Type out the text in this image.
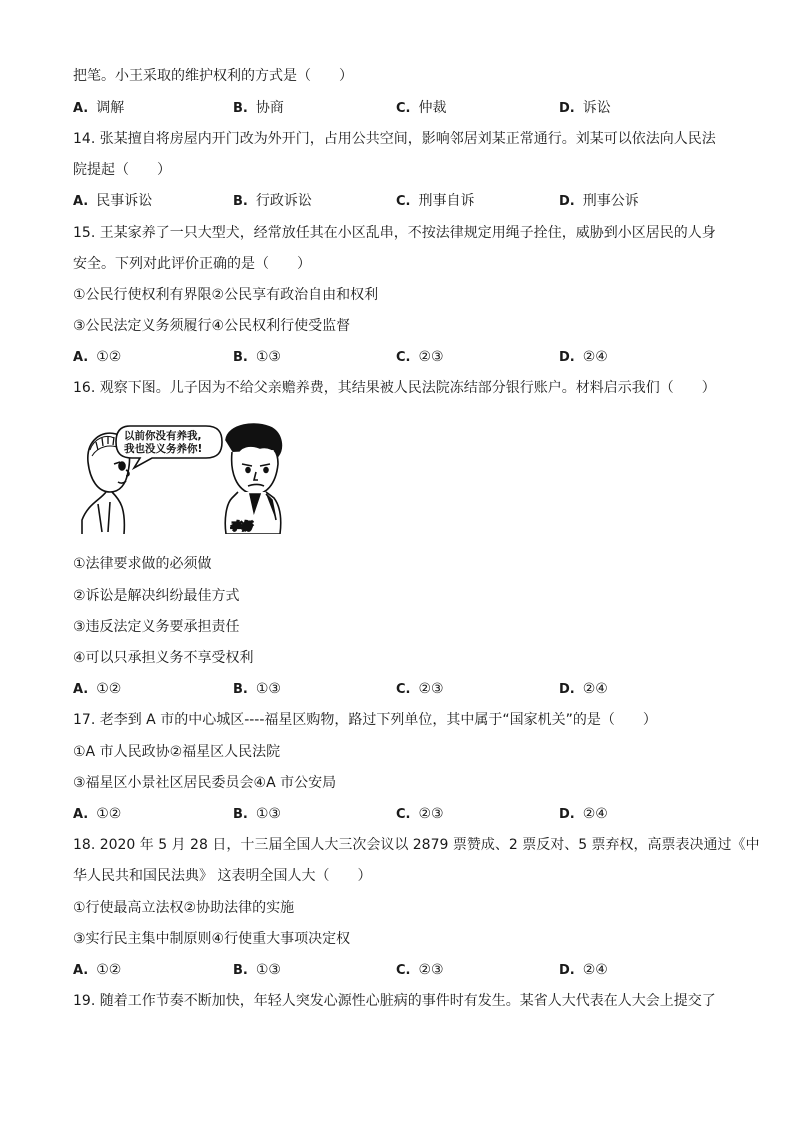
把笔。小王采取的维护权利的方式是（　　）
A. 调解	B. 协商	C. 仲裁	D. 诉讼
14. 张某擅自将房屋内开门改为外开门，占用公共空间，影响邻居刘某正常通行。刘某可以依法向人民法
院提起（　　）
A. 民事诉讼	B. 行政诉讼	C. 刑事自诉	D. 刑事公诉
15. 王某家养了一只大型犬，经常放任其在小区乱串，不按法律规定用绳子拴住，威胁到小区居民的人身
安全。下列对此评价正确的是（　　）
①公民行使权利有界限②公民享有政治自由和权利
③公民法定义务须履行④公民权利行使受监督
A. ①②	B. ①③	C. ②③	D. ②④
16. 观察下图。儿子因为不给父亲赡养费，其结果被人民法院冻结部分银行账户。材料启示我们（　　）
以前你没有养我,
我也没义务养你!
李杨
①法律要求做的必须做
②诉讼是解决纠纷最佳方式
③违反法定义务要承担责任
④可以只承担义务不享受权利
A. ①②	B. ①③	C. ②③	D. ②④
17. 老李到 A 市的中心城区----福星区购物，路过下列单位，其中属于“国家机关”的是（　　）
①A 市人民政协②福星区人民法院
③福星区小景社区居民委员会④A 市公安局
A. ①②	B. ①③	C. ②③	D. ②④
18. 2020 年 5 月 28 日，十三届全国人大三次会议以 2879 票赞成、2 票反对、5 票弃权，高票表决通过《中
华人民共和国民法典》 这表明全国人大（　　）
①行使最高立法权②协助法律的实施
③实行民主集中制原则④行使重大事项决定权
A. ①②	B. ①③	C. ②③	D. ②④
19. 随着工作节奏不断加快，年轻人突发心源性心脏病的事件时有发生。某省人大代表在人大会上提交了
